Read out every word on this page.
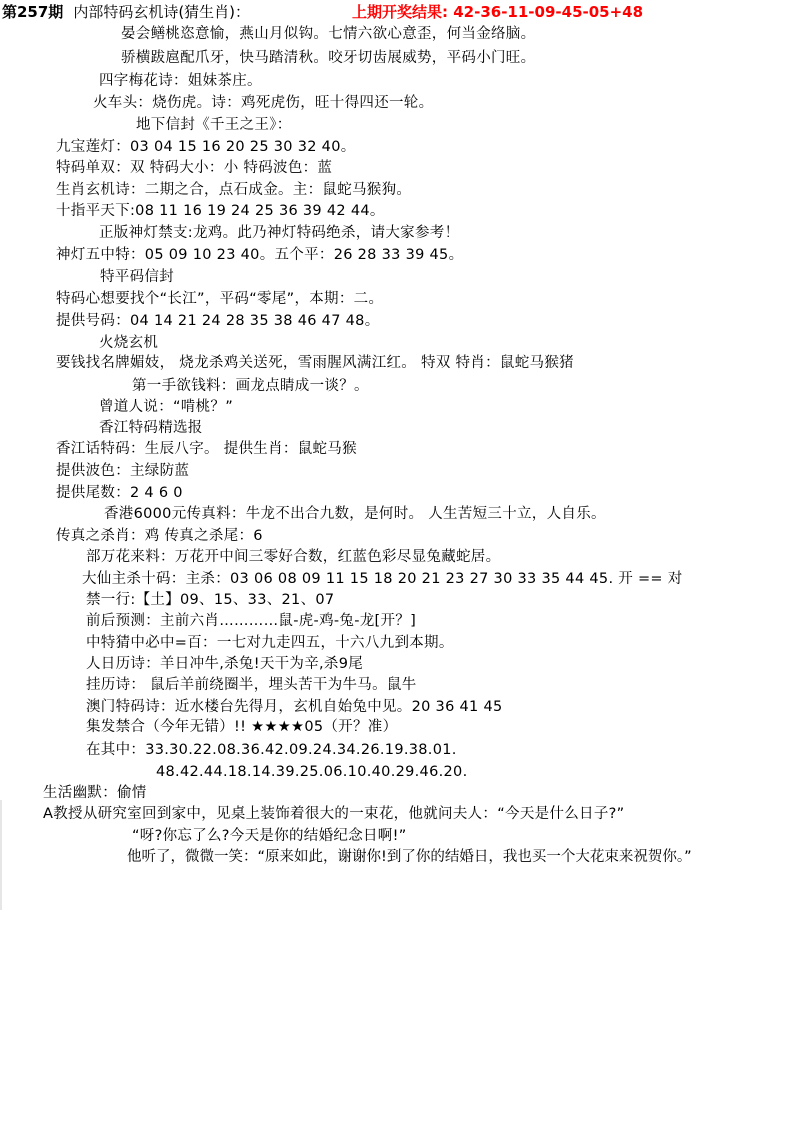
第257期 内部特码玄机诗(猜生肖)：	上期开奖结果: 42-36-11-09-45-05+48
晏会鳝桃恣意愉，燕山月似钩。七情六欲心意歪，何当金络脑。
骄横跋扈配爪牙，快马踏清秋。咬牙切齿展威势，平码小门旺。
四字梅花诗：姐妹茶庄。
火车头：烧伤虎。诗：鸡死虎伤，旺十得四还一轮。
地下信封《千王之王》：
九宝莲灯：03 04 15 16 20 25 30 32 40。
特码单双：双 特码大小：小 特码波色：蓝
生肖玄机诗：二期之合，点石成金。主：鼠蛇马猴狗。
十指平天下:08 11 16 19 24 25 36 39 42 44。
正版神灯禁支:龙鸡。此乃神灯特码绝杀，请大家参考！
神灯五中特：05 09 10 23 40。五个平：26 28 33 39 45。
特平码信封
特码心想要找个“长江”，平码“零尾”，本期：二。
提供号码：04 14 21 24 28 35 38 46 47 48。
火烧玄机
要钱找名牌媚妓， 烧龙杀鸡关送死，雪雨腥风满江红。 特双 特肖：鼠蛇马猴猪
第一手欲钱料：画龙点睛成一谈？。
曾道人说：“啃桃？”
香江特码精选报
香江话特码：生辰八字。 提供生肖：鼠蛇马猴
提供波色：主绿防蓝
提供尾数：2 4 6 0
香港6000元传真料：牛龙不出合九数，是何时。 人生苦短三十立，人自乐。
传真之杀肖：鸡 传真之杀尾：6
部万花来料：万花开中间三零好合数，红蓝色彩尽显兔藏蛇居。
大仙主杀十码：主杀：03 06 08 09 11 15 18 20 21 23 27 30 33 35 44 45. 开 == 对
禁一行:【土】09、15、33、21、07
前后预测：主前六肖…………鼠-虎-鸡-兔-龙[开？]
中特猜中必中=百：一七对九走四五，十六八九到本期。
人日历诗：羊日冲牛,杀兔!天干为辛,杀9尾
挂历诗： 鼠后羊前绕圈半，埋头苦干为牛马。鼠牛
澳门特码诗：近水楼台先得月，玄机自始兔中见。20 36 41 45
集发禁合（今年无错）!! ★★★★05（开？准）
在其中：33.30.22.08.36.42.09.24.34.26.19.38.01.
48.42.44.18.14.39.25.06.10.40.29.46.20.
生活幽默：偷情
A教授从研究室回到家中，见桌上装饰着很大的一束花，他就问夫人：“今天是什么日子?”
“呀?你忘了么?今天是你的结婚纪念日啊!”
他听了，微微一笑：“原来如此，谢谢你!到了你的结婚日，我也买一个大花束来祝贺你。”
